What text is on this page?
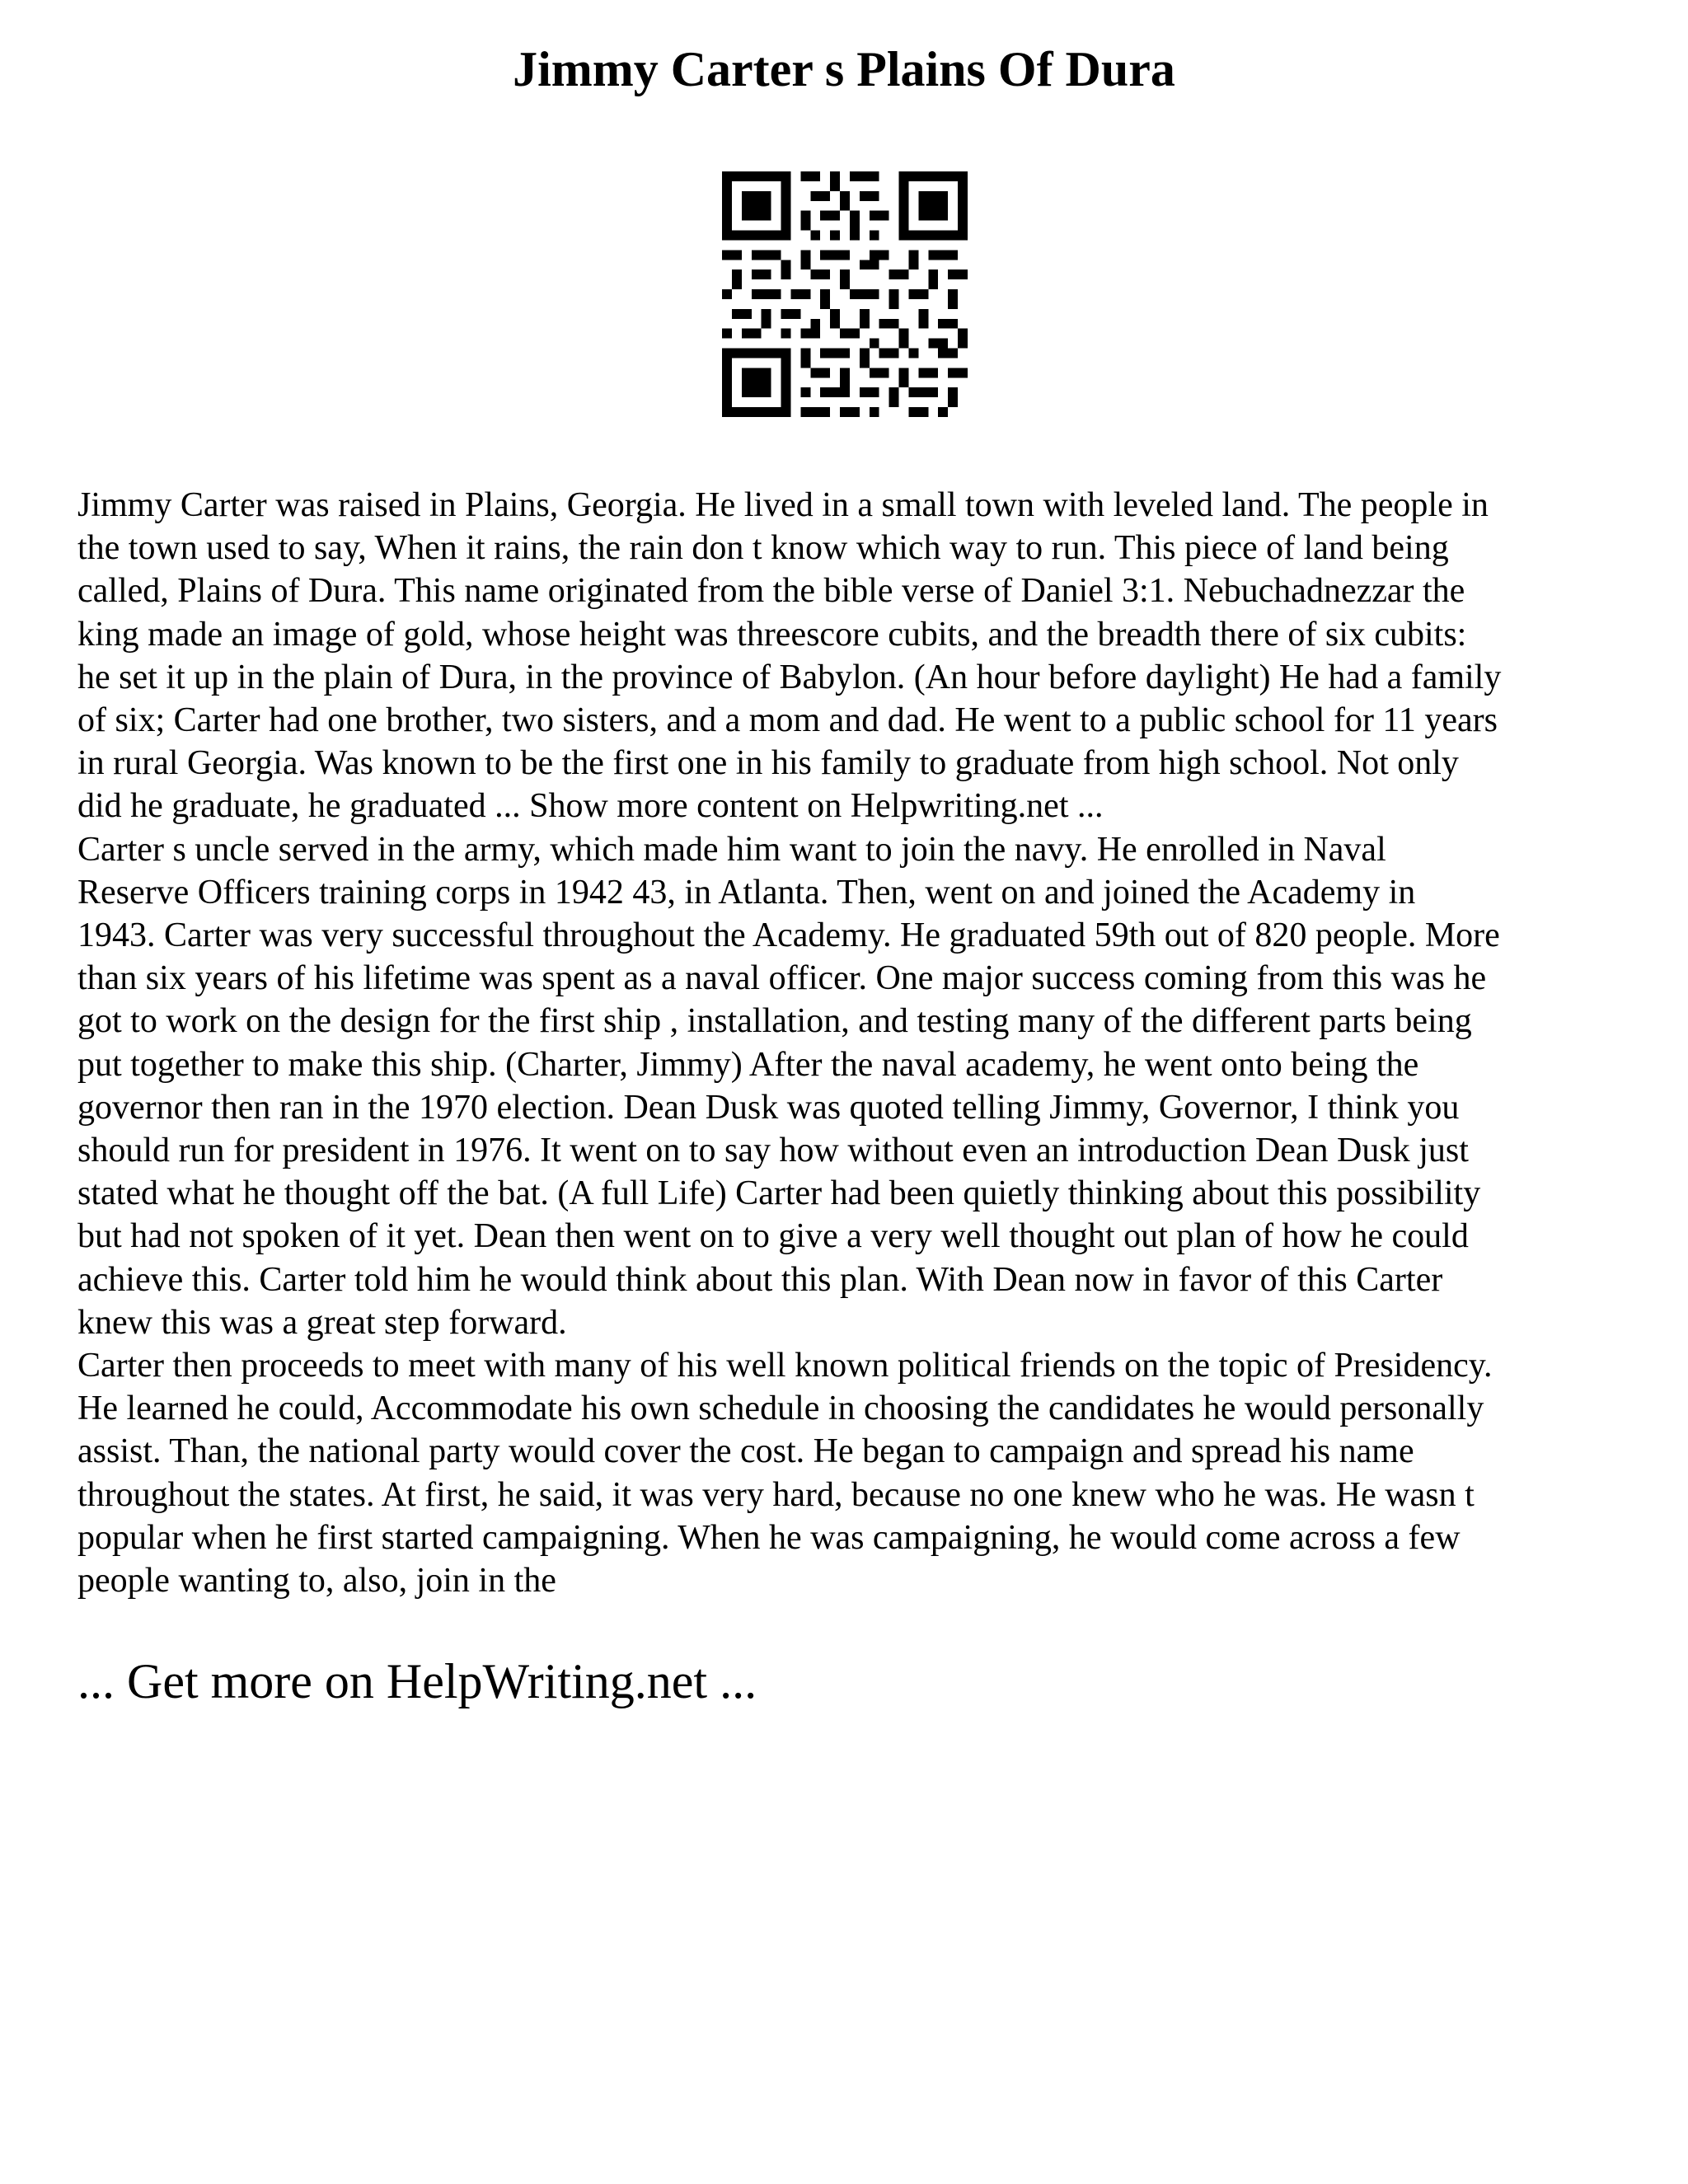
Jimmy Carter s Plains Of Dura

Jimmy Carter was raised in Plains, Georgia. He lived in a small town with leveled land. The people in
the town used to say, When it rains, the rain don t know which way to run. This piece of land being
called, Plains of Dura. This name originated from the bible verse of Daniel 3:1. Nebuchadnezzar the
king made an image of gold, whose height was threescore cubits, and the breadth there of six cubits:
he set it up in the plain of Dura, in the province of Babylon. (An hour before daylight) He had a family
of six; Carter had one brother, two sisters, and a mom and dad. He went to a public school for 11 years
in rural Georgia. Was known to be the first one in his family to graduate from high school. Not only
did he graduate, he graduated ... Show more content on Helpwriting.net ...

Carter s uncle served in the army, which made him want to join the navy. He enrolled in Naval
Reserve Officers training corps in 1942 43, in Atlanta. Then, went on and joined the Academy in
1943. Carter was very successful throughout the Academy. He graduated 59th out of 820 people. More
than six years of his lifetime was spent as a naval officer. One major success coming from this was he
got to work on the design for the first ship , installation, and testing many of the different parts being
put together to make this ship. (Charter, Jimmy) After the naval academy, he went onto being the
governor then ran in the 1970 election. Dean Dusk was quoted telling Jimmy, Governor, I think you
should run for president in 1976. It went on to say how without even an introduction Dean Dusk just
stated what he thought off the bat. (A full Life) Carter had been quietly thinking about this possibility
but had not spoken of it yet. Dean then went on to give a very well thought out plan of how he could
achieve this. Carter told him he would think about this plan. With Dean now in favor of this Carter
knew this was a great step forward.

Carter then proceeds to meet with many of his well known political friends on the topic of Presidency.
He learned he could, Accommodate his own schedule in choosing the candidates he would personally
assist. Than, the national party would cover the cost. He began to campaign and spread his name
throughout the states. At first, he said, it was very hard, because no one knew who he was. He wasn t
popular when he first started campaigning. When he was campaigning, he would come across a few
people wanting to, also, join in the

... Get more on HelpWriting.net ...
